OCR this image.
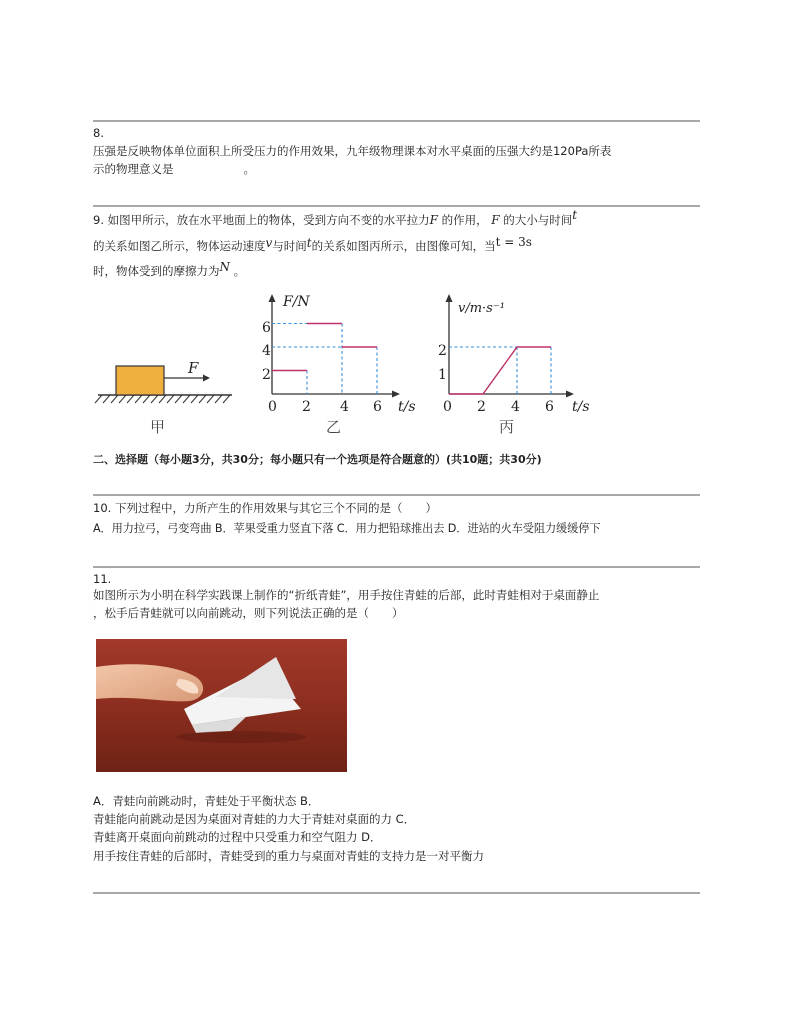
8.

压强是反映物体单位面积上所受压力的作用效果，九年级物理课本对水平桌面的压强大约是120Pa所表

示的物理意义是	。

9. 如图甲所示，放在水平地面上的物体，受到方向不变的水平拉力F 的作用， F 的大小与时间t

的关系如图乙所示，物体运动速度v与时间t的关系如图丙所示，由图像可知，当t = 3s

时，物体受到的摩擦力为N 。

F
甲
F/N
t/s
0 2 4 6
2
4
6
乙
v/m·s⁻¹
t/s
0 2 4 6
1
2
丙

二、选择题（每小题3分，共30分；每小题只有一个选项是符合题意的）(共10题；共30分)

10. 下列过程中，力所产生的作用效果与其它三个不同的是（　　）

A．用力拉弓，弓变弯曲 B．苹果受重力竖直下落 C．用力把铅球推出去 D．进站的火车受阻力缓缓停下

11.

如图所示为小明在科学实践课上制作的“折纸青蛙”，用手按住青蛙的后部，此时青蛙相对于桌面静止

，松手后青蛙就可以向前跳动，则下列说法正确的是（　　）

A．青蛙向前跳动时，青蛙处于平衡状态 B．

青蛙能向前跳动是因为桌面对青蛙的力大于青蛙对桌面的力 C．

青蛙离开桌面向前跳动的过程中只受重力和空气阻力 D．

用手按住青蛙的后部时，青蛙受到的重力与桌面对青蛙的支持力是一对平衡力
